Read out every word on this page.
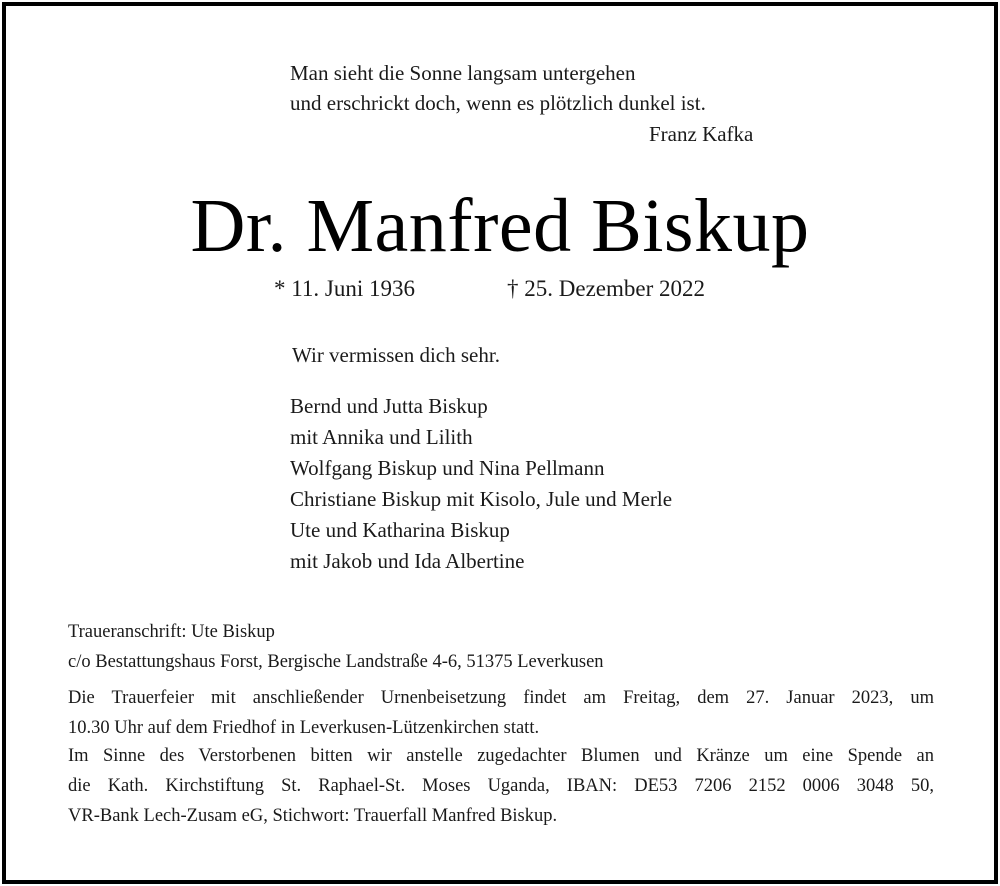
Man sieht die Sonne langsam untergehen
und erschrickt doch, wenn es plötzlich dunkel ist.
Franz Kafka
Dr. Manfred Biskup
* 11. Juni 1936	† 25. Dezember 2022
Wir vermissen dich sehr.
Bernd und Jutta Biskup
mit Annika und Lilith
Wolfgang Biskup und Nina Pellmann
Christiane Biskup mit Kisolo, Jule und Merle
Ute und Katharina Biskup
mit Jakob und Ida Albertine
Traueranschrift: Ute Biskup
c/o Bestattungshaus Forst, Bergische Landstraße 4-6, 51375 Leverkusen
Die Trauerfeier mit anschließender Urnenbeisetzung findet am Freitag, dem 27. Januar 2023, um
10.30 Uhr auf dem Friedhof in Leverkusen-Lützenkirchen statt.
Im Sinne des Verstorbenen bitten wir anstelle zugedachter Blumen und Kränze um eine Spende an
die Kath. Kirchstiftung St. Raphael-St. Moses Uganda, IBAN: DE53 7206 2152 0006 3048 50,
VR-Bank Lech-Zusam eG, Stichwort: Trauerfall Manfred Biskup.
